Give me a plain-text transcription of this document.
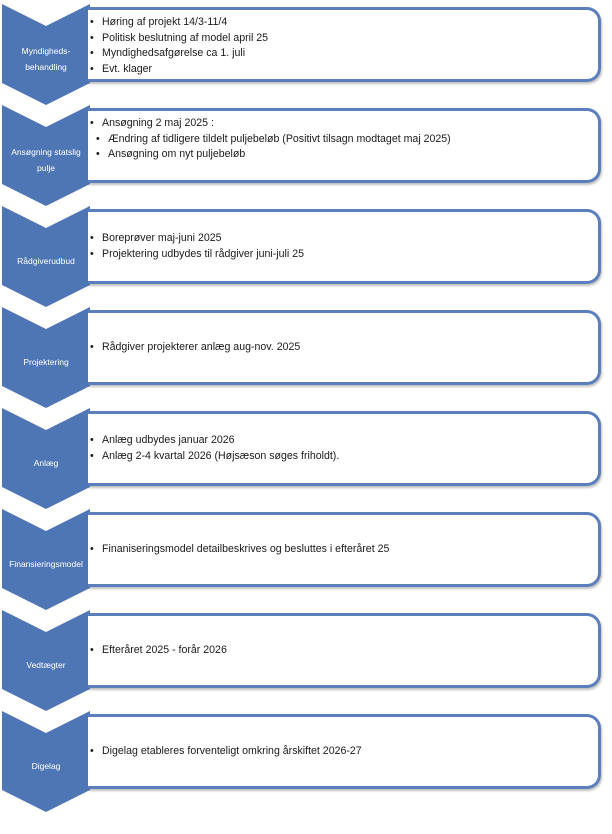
Myndigheds-
behandling
• Høring af projekt 14/3-11/4
• Politisk beslutning af model april 25
• Myndighedsafgørelse ca 1. juli
• Evt. klager
Ansøgning statslig
pulje
• Ansøgning 2 maj 2025 :
• Ændring af tidligere tildelt puljebeløb (Positivt tilsagn modtaget maj 2025)
• Ansøgning om nyt puljebeløb
Rådgiverudbud
• Boreprøver maj-juni 2025
• Projektering udbydes til rådgiver juni-juli 25
Projektering
• Rådgiver projekterer anlæg aug-nov. 2025
Anlæg
• Anlæg udbydes januar 2026
• Anlæg 2-4 kvartal 2026 (Højsæson søges friholdt).
Finansieringsmodel
• Finaniseringsmodel detailbeskrives og besluttes i efteråret 25
Vedtægter
• Efteråret 2025 - forår 2026
Digelag
• Digelag etableres forventeligt omkring årskiftet 2026-27
